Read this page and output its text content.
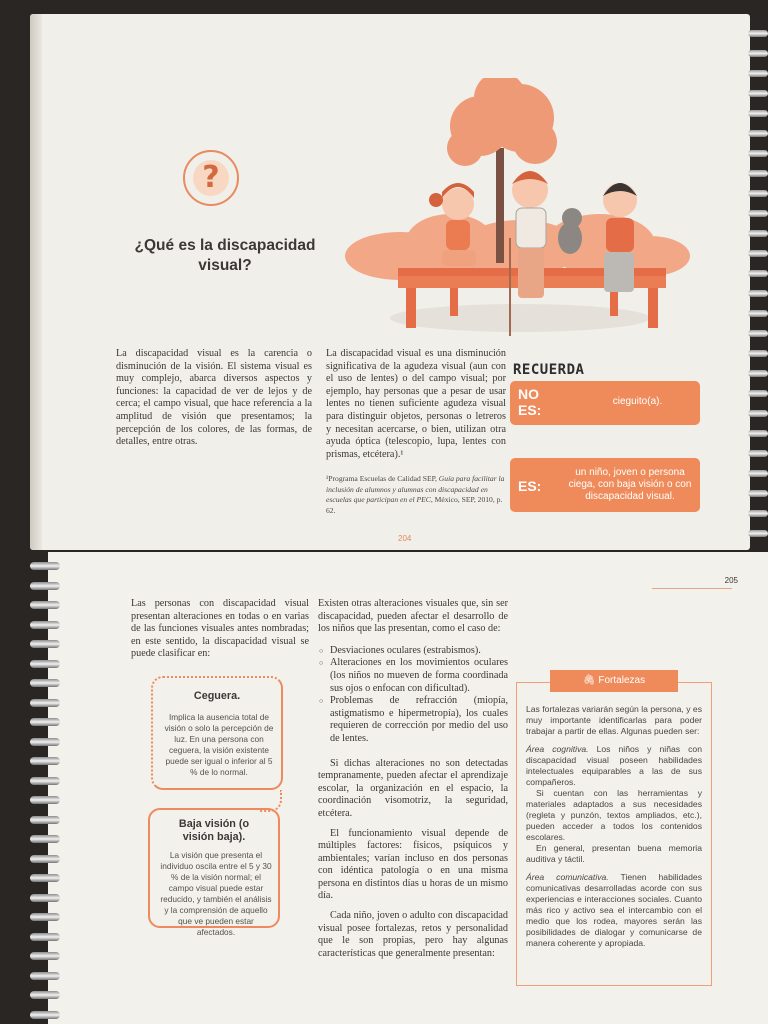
?
¿Qué es la discapacidad visual?

La discapacidad visual es la carencia o disminución de la visión. El sistema visual es muy complejo, abarca diversos aspectos y funciones: la capacidad de ver de lejos y de cerca; el campo visual, que hace referencia a la amplitud de visión que presentamos; la percepción de los colores, de las formas, de detalles, entre otras.

La discapacidad visual es una disminución significativa de la agudeza visual (aun con el uso de lentes) o del campo visual; por ejemplo, hay personas que a pesar de usar lentes no tienen suficiente agudeza visual para distinguir objetos, personas o letreros y necesitan acercarse, o bien, utilizan otra ayuda óptica (telescopio, lupa, lentes con prismas, etcétera).¹

¹Programa Escuelas de Calidad SEP, Guía para facilitar la inclusión de alumnos y alumnas con discapacidad en escuelas que participan en el PEC, México, SEP, 2010, p. 62.

RECUERDA
NO ES:
cieguito(a).
ES:
un niño, joven o persona ciega, con baja visión o con discapacidad visual.
204
205

Las personas con discapacidad visual presentan alteraciones en todas o en varias de las funciones visuales antes nombradas; en este sentido, la discapacidad visual se puede clasificar en:

Ceguera.
Implica la ausencia total de visión o solo la percepción de luz. En una persona con ceguera, la visión existente puede ser igual o inferior al 5 % de lo normal.
Baja visión (o visión baja).
La visión que presenta el individuo oscila entre el 5 y 30 % de la visión normal; el campo visual puede estar reducido, y también el análisis y la comprensión de aquello que ve pueden estar afectados.

Existen otras alteraciones visuales que, sin ser discapacidad, pueden afectar el desarrollo de los niños que las presentan, como el caso de:

○ Desviaciones oculares (estrabismos).
○ Alteraciones en los movimientos oculares (los niños no mueven de forma coordinada sus ojos o enfocan con dificultad).
○ Problemas de refracción (miopía, astigmatismo e hipermetropía), los cuales requieren de corrección por medio del uso de lentes.

Si dichas alteraciones no son detectadas tempranamente, pueden afectar el aprendizaje escolar, la organización en el espacio, la coordinación visomotriz, la seguridad, etcétera.

El funcionamiento visual depende de múltiples factores: físicos, psíquicos y ambientales; varían incluso en dos personas con idéntica patología o en una misma persona en distintos días u horas de un mismo día.

Cada niño, joven o adulto con discapacidad visual posee fortalezas, retos y personalidad que le son propias, pero hay algunas características que generalmente presentan:

🖇 Fortalezas

Las fortalezas variarán según la persona, y es muy importante identificarlas para poder trabajar a partir de ellas. Algunas pueden ser:

Área cognitiva. Los niños y niñas con discapacidad visual poseen habilidades intelectuales equiparables a las de sus compañeros.

Si cuentan con las herramientas y materiales adaptados a sus necesidades (regleta y punzón, textos ampliados, etc.), pueden acceder a todos los contenidos escolares.

En general, presentan buena memoria auditiva y táctil.

Área comunicativa. Tienen habilidades comunicativas desarrolladas acorde con sus experiencias e interacciones sociales. Cuanto más rico y activo sea el intercambio con el medio que los rodea, mayores serán las posibilidades de dialogar y comunicarse de manera coherente y apropiada.
